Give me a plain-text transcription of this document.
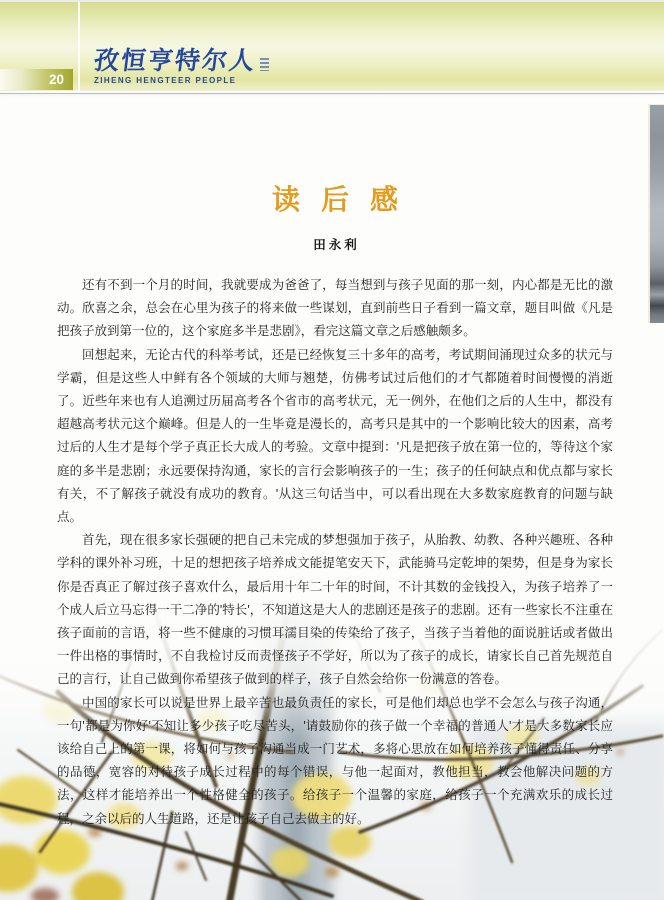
20
孜恒亨特尔人
ZIHENG HENGTEER PEOPLE
读后感
田永利

还有不到一个月的时间，我就要成为爸爸了，每当想到与孩子见面的那一刻，内心都是无比的激动。欣喜之余，总会在心里为孩子的将来做一些谋划，直到前些日子看到一篇文章，题目叫做《凡是把孩子放到第一位的，这个家庭多半是悲剧》，看完这篇文章之后感触颇多。

回想起来，无论古代的科举考试，还是已经恢复三十多年的高考，考试期间涌现过众多的状元与学霸，但是这些人中鲜有各个领域的大师与翘楚，仿佛考试过后他们的才气都随着时间慢慢的消逝了。近些年来也有人追溯过历届高考各个省市的高考状元，无一例外，在他们之后的人生中，都没有超越高考状元这个巅峰。但是人的一生毕竟是漫长的，高考只是其中的一个影响比较大的因素，高考过后的人生才是每个学子真正长大成人的考验。文章中提到：'凡是把孩子放在第一位的，等待这个家庭的多半是悲剧；永远要保持沟通，家长的言行会影响孩子的一生；孩子的任何缺点和优点都与家长有关，不了解孩子就没有成功的教育。'从这三句话当中，可以看出现在大多数家庭教育的问题与缺点。

首先，现在很多家长强硬的把自己未完成的梦想强加于孩子，从胎教、幼教、各种兴趣班、各种学科的课外补习班，十足的想把孩子培养成文能提笔安天下，武能骑马定乾坤的架势，但是身为家长你是否真正了解过孩子喜欢什么，最后用十年二十年的时间，不计其数的金钱投入，为孩子培养了一个成人后立马忘得一干二净的'特长'，不知道这是大人的悲剧还是孩子的悲剧。还有一些家长不注重在孩子面前的言语，将一些不健康的习惯耳濡目染的传染给了孩子，当孩子当着他的面说脏话或者做出一件出格的事情时，不自我检讨反而责怪孩子不学好，所以为了孩子的成长，请家长自己首先规范自己的言行，让自己做到你希望孩子做到的样子，孩子自然会给你一份满意的答卷。

中国的家长可以说是世界上最辛苦也最负责任的家长，可是他们却总也学不会怎么与孩子沟通，一句'都是为你好'不知让多少孩子吃尽苦头，'请鼓励你的孩子做一个幸福的普通人'才是大多数家长应该给自己上的第一课，将如何与孩子沟通当成一门艺术，多将心思放在如何培养孩子懂得责任、分享的品德，宽容的对待孩子成长过程中的每个错误，与他一起面对，教他担当，教会他解决问题的方法，这样才能培养出一个性格健全的孩子。给孩子一个温馨的家庭，给孩子一个充满欢乐的成长过程，之余以后的人生道路，还是让孩子自己去做主的好。
